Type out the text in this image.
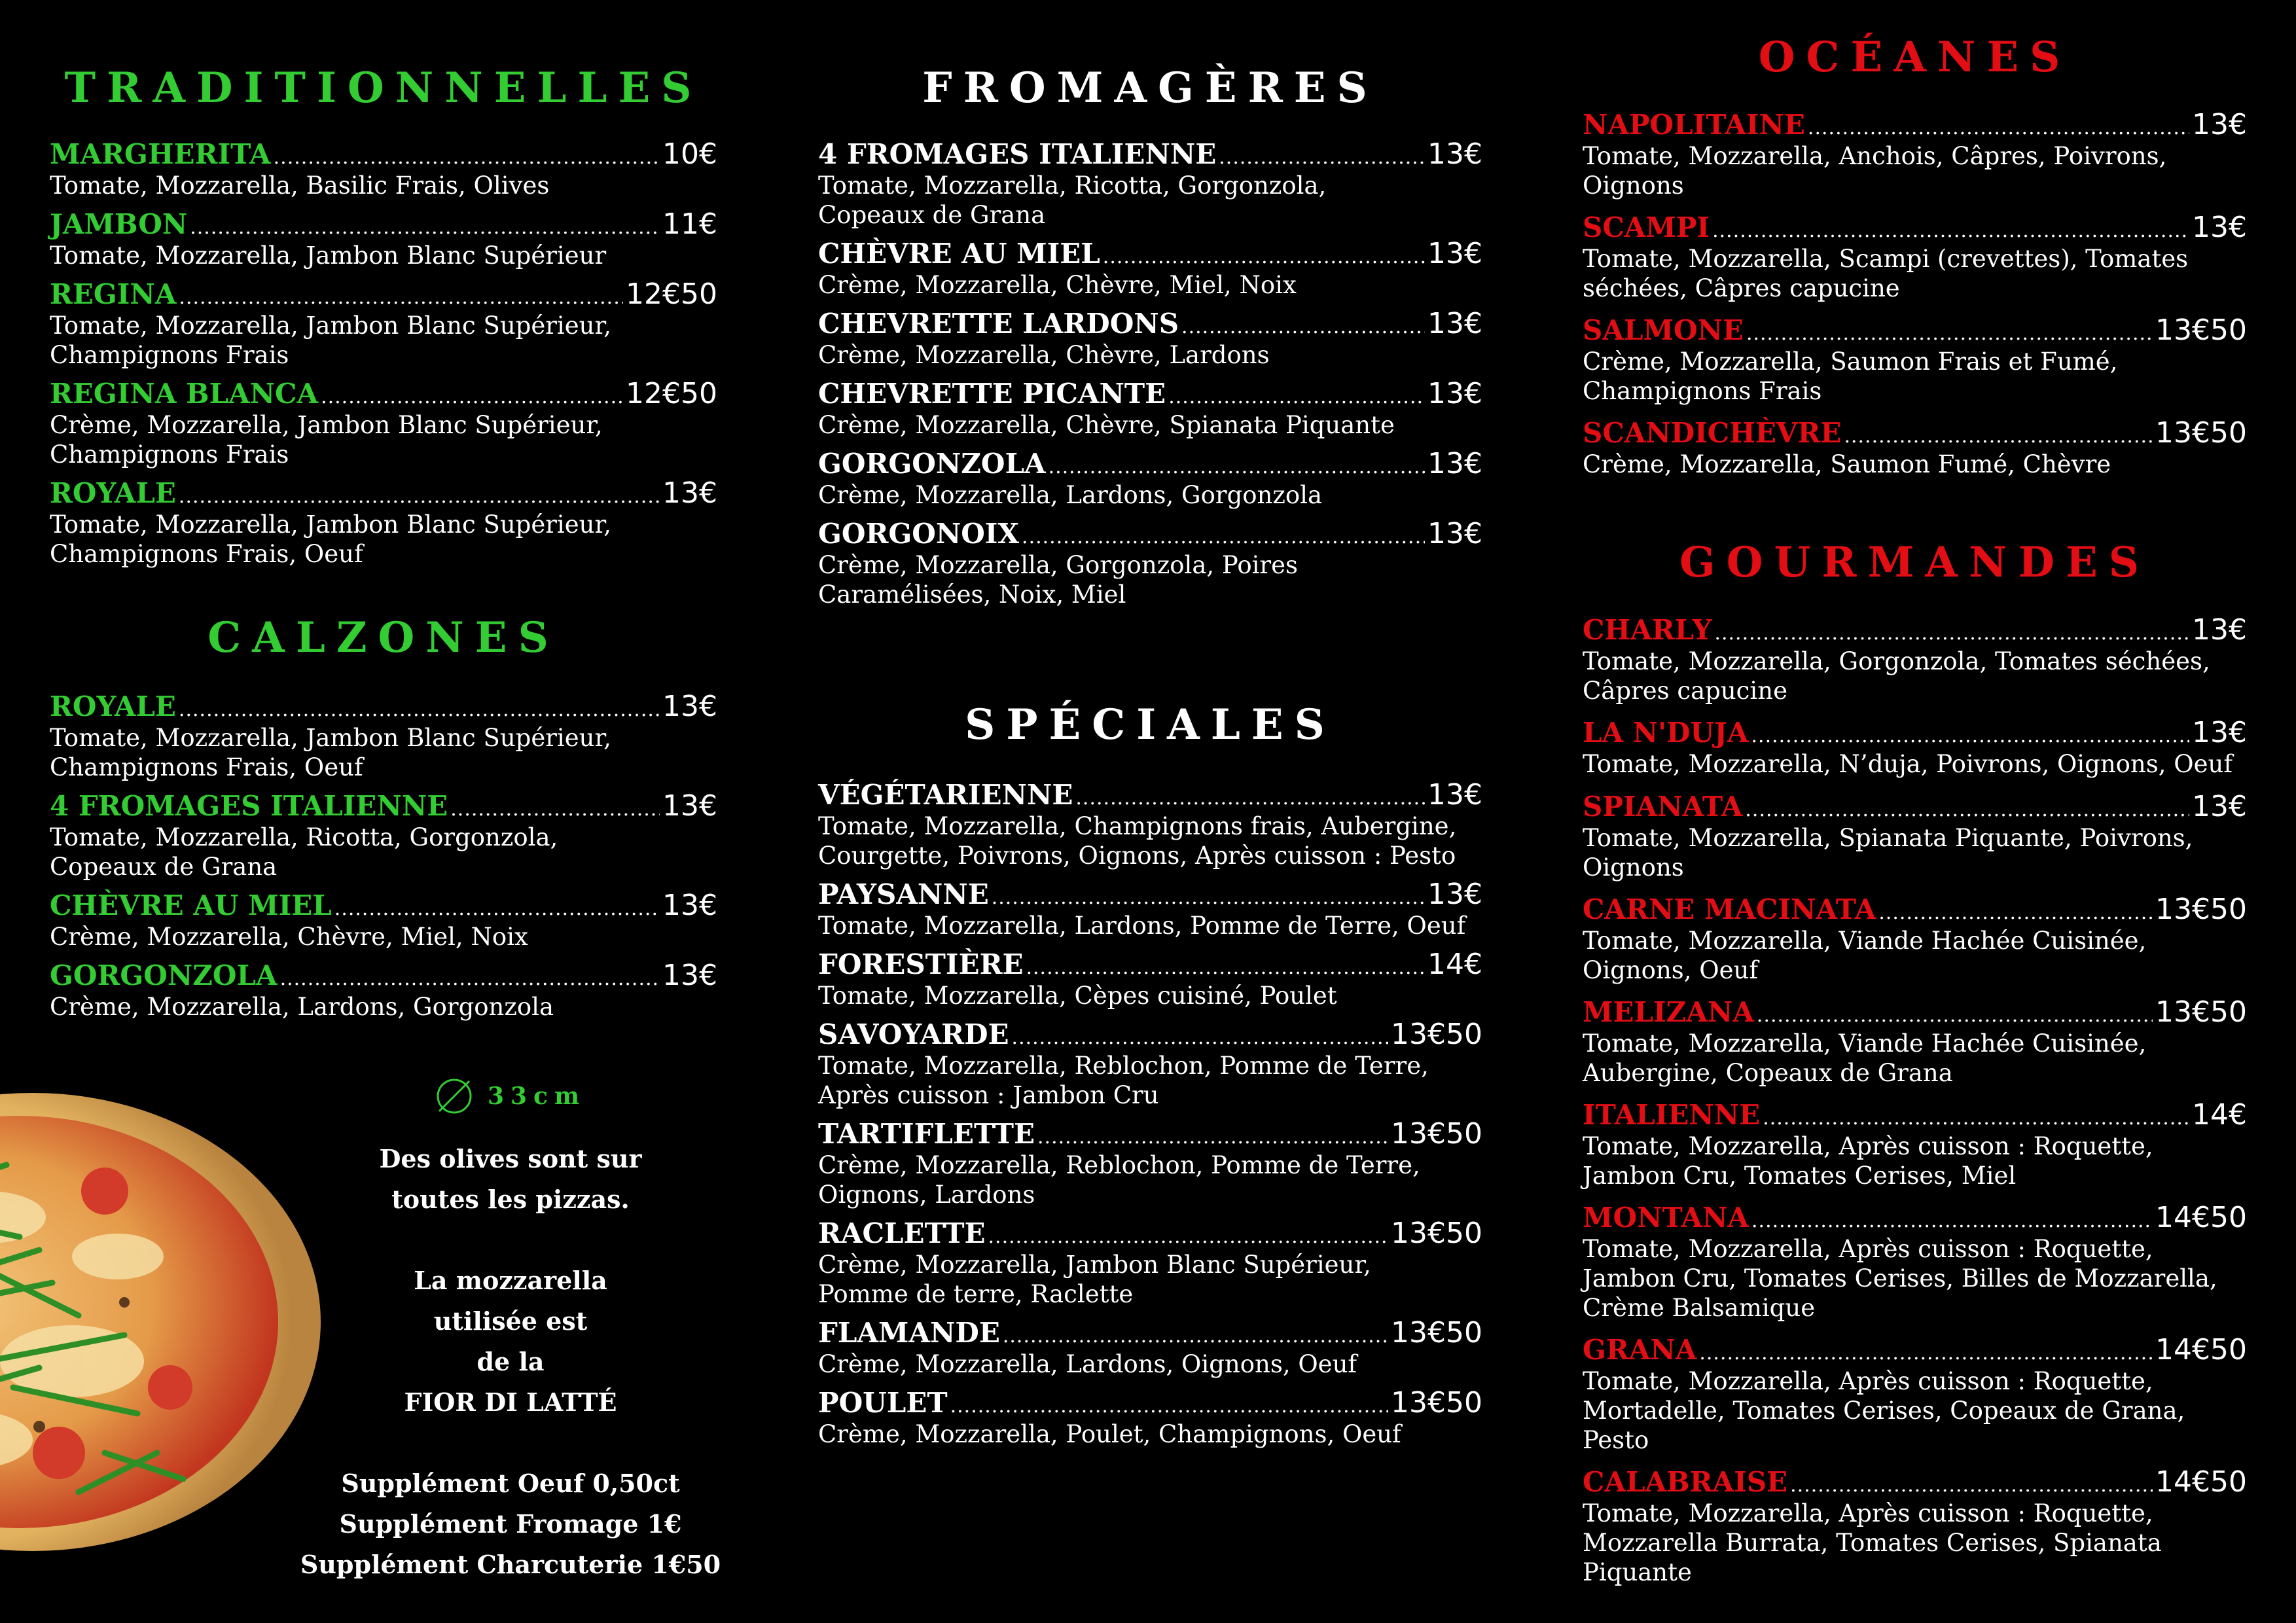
TRADITIONNELLES
MARGHERITA .....	10€

Tomate, Mozzarella, Basilic Frais, Olives

JAMBON .....	11€

Tomate, Mozzarella, Jambon Blanc Supérieur

REGINA .....	12€50

Tomate, Mozzarella, Jambon Blanc Supérieur, Champignons Frais

REGINA BLANCA .....	12€50

Crème, Mozzarella, Jambon Blanc Supérieur, Champignons Frais

ROYALE .....	13€

Tomate, Mozzarella, Jambon Blanc Supérieur, Champignons Frais, Oeuf

CALZONES
ROYALE .....	13€

Tomate, Mozzarella, Jambon Blanc Supérieur, Champignons Frais, Oeuf

4 FROMAGES ITALIENNE .....	13€

Tomate, Mozzarella, Ricotta, Gorgonzola, Copeaux de Grana

CHÈVRE AU MIEL .....	13€

Crème, Mozzarella, Chèvre, Miel, Noix

GORGONZOLA .....	13€

Crème, Mozzarella, Lardons, Gorgonzola

33cm

Des olives sont sur

toutes les pizzas.

La mozzarella

utilisée est

de la

FIOR DI LATTÉ

Supplément Oeuf 0,50ct

Supplément Fromage 1€

Supplément Charcuterie 1€50

FROMAGÈRES
4 FROMAGES ITALIENNE .....	13€

Tomate, Mozzarella, Ricotta, Gorgonzola, Copeaux de Grana

CHÈVRE AU MIEL .....	13€

Crème, Mozzarella, Chèvre, Miel, Noix

CHEVRETTE LARDONS .....	13€

Crème, Mozzarella, Chèvre, Lardons

CHEVRETTE PICANTE .....	13€

Crème, Mozzarella, Chèvre, Spianata Piquante

GORGONZOLA .....	13€

Crème, Mozzarella, Lardons, Gorgonzola

GORGONOIX .....	13€

Crème, Mozzarella, Gorgonzola, Poires Caramélisées, Noix, Miel

SPÉCIALES
VÉGÉTARIENNE .....	13€

Tomate, Mozzarella, Champignons frais, Aubergine, Courgette, Poivrons, Oignons, Après cuisson : Pesto

PAYSANNE .....	13€

Tomate, Mozzarella, Lardons, Pomme de Terre, Oeuf

FORESTIÈRE .....	14€

Tomate, Mozzarella, Cèpes cuisiné, Poulet

SAVOYARDE .....	13€50

Tomate, Mozzarella, Reblochon, Pomme de Terre, Après cuisson : Jambon Cru

TARTIFLETTE .....	13€50

Crème, Mozzarella, Reblochon, Pomme de Terre, Oignons, Lardons

RACLETTE .....	13€50

Crème, Mozzarella, Jambon Blanc Supérieur, Pomme de terre, Raclette

FLAMANDE .....	13€50

Crème, Mozzarella, Lardons, Oignons, Oeuf

POULET .....	13€50

Crème, Mozzarella, Poulet, Champignons, Oeuf

OCÉANES
NAPOLITAINE .....	13€

Tomate, Mozzarella, Anchois, Câpres, Poivrons, Oignons

SCAMPI .....	13€

Tomate, Mozzarella, Scampi (crevettes), Tomates séchées, Câpres capucine

SALMONE .....	13€50

Crème, Mozzarella, Saumon Frais et Fumé, Champignons Frais

SCANDICHÈVRE .....	13€50

Crème, Mozzarella, Saumon Fumé, Chèvre

GOURMANDES
CHARLY .....	13€

Tomate, Mozzarella, Gorgonzola, Tomates séchées, Câpres capucine

LA N'DUJA .....	13€

Tomate, Mozzarella, N’duja, Poivrons, Oignons, Oeuf

SPIANATA .....	13€

Tomate, Mozzarella, Spianata Piquante, Poivrons, Oignons

CARNE MACINATA .....	13€50

Tomate, Mozzarella, Viande Hachée Cuisinée, Oignons, Oeuf

MELIZANA .....	13€50

Tomate, Mozzarella, Viande Hachée Cuisinée, Aubergine, Copeaux de Grana

ITALIENNE .....	14€

Tomate, Mozzarella, Après cuisson : Roquette, Jambon Cru, Tomates Cerises, Miel

MONTANA .....	14€50

Tomate, Mozzarella, Après cuisson : Roquette, Jambon Cru, Tomates Cerises, Billes de Mozzarella, Crème Balsamique

GRANA .....	14€50

Tomate, Mozzarella, Après cuisson : Roquette, Mortadelle, Tomates Cerises, Copeaux de Grana, Pesto

CALABRAISE .....	14€50

Tomate, Mozzarella, Après cuisson : Roquette, Mozzarella Burrata, Tomates Cerises, Spianata Piquante
